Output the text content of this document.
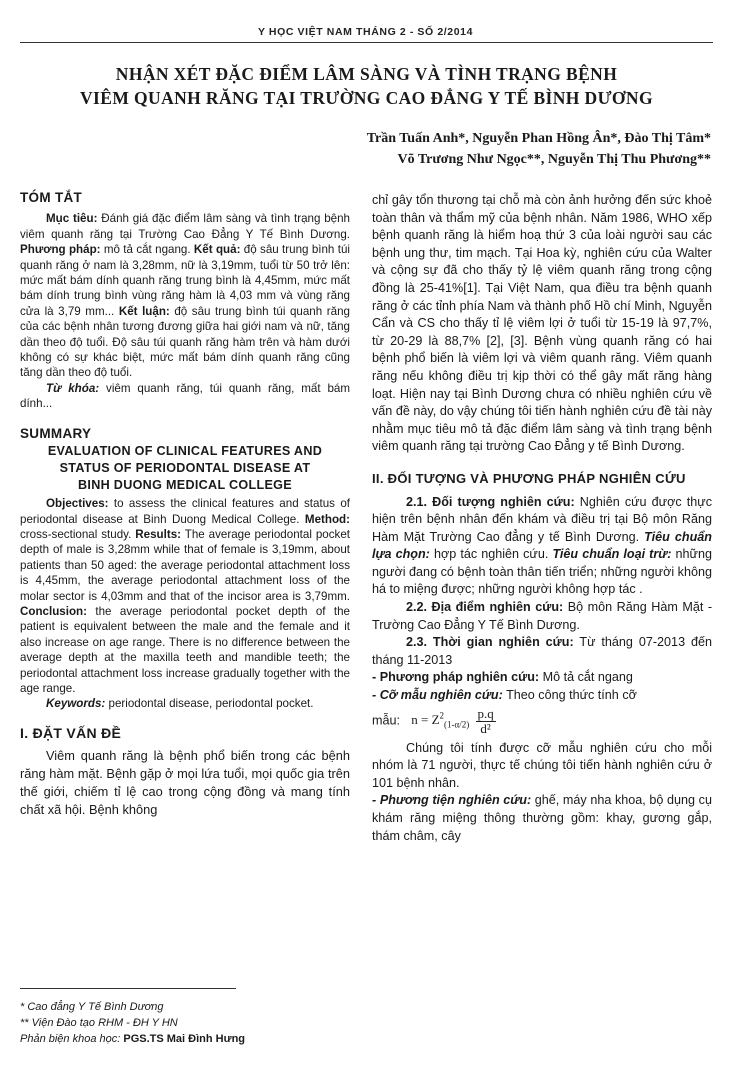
Y HỌC VIỆT NAM THÁNG 2 - SỐ 2/2014
NHẬN XÉT ĐẶC ĐIỂM LÂM SÀNG VÀ TÌNH TRẠNG BỆNH
VIÊM QUANH RĂNG TẠI TRƯỜNG CAO ĐẲNG Y TẾ BÌNH DƯƠNG
Trần Tuấn Anh*, Nguyễn Phan Hồng Ân*, Đào Thị Tâm*
Võ Trương Như Ngọc**, Nguyễn Thị Thu Phương**
TÓM TẮT

Mục tiêu: Đánh giá đặc điểm lâm sàng và tình trạng bệnh viêm quanh răng tại Trường Cao Đẳng Y Tế Bình Dương. Phương pháp: mô tả cắt ngang. Kết quả: độ sâu trung bình túi quanh răng ở nam là 3,28mm, nữ là 3,19mm, tuổi từ 50 trở lên: mức mất bám dính quanh răng trung bình là 4,45mm, mức mất bám dính trung bình vùng răng hàm là 4,03 mm và vùng răng cửa là 3,79 mm... Kết luận: độ sâu trung bình túi quanh răng của các bệnh nhân tương đương giữa hai giới nam và nữ, tăng dần theo độ tuổi. Độ sâu túi quanh răng hàm trên và hàm dưới không có sự khác biệt, mức mất bám dính quanh răng cũng tăng dần theo độ tuổi.

Từ khóa: viêm quanh răng, túi quanh răng, mất bám dính...

SUMMARY
EVALUATION OF CLINICAL FEATURES AND
STATUS OF PERIODONTAL DISEASE AT
BINH DUONG MEDICAL COLLEGE

Objectives: to assess the clinical features and status of periodontal disease at Binh Duong Medical College. Method: cross-sectional study. Results: The average periodontal pocket depth of male is 3,28mm while that of female is 3,19mm, about patients than 50 aged: the average periodontal attachment loss is 4,45mm, the average periodontal attachment loss of the molar sector is 4,03mm and that of the incisor area is 3,79mm. Conclusion: the average periodontal pocket depth of the patient is equivalent between the male and the female and it also increase on age range. There is no difference between the average depth at the maxilla teeth and mandible teeth; the periodontal attachment loss increase gradually together with the age range.

Keywords: periodontal disease, periodontal pocket.

I. ĐẶT VẤN ĐỀ

Viêm quanh răng là bệnh phổ biến trong các bệnh răng hàm mặt. Bệnh gặp ở mọi lứa tuổi, mọi quốc gia trên thế giới, chiếm tỉ lệ cao trong cộng đồng và mang tính chất xã hội. Bệnh không

chỉ gây tổn thương tại chỗ mà còn ảnh hưởng đến sức khoẻ toàn thân và thẩm mỹ của bệnh nhân. Năm 1986, WHO xếp bệnh quanh răng là hiểm hoạ thứ 3 của loài người sau các bệnh ung thư, tim mạch. Tại Hoa kỳ, nghiên cứu của Walter và cộng sự đã cho thấy tỷ lệ viêm quanh răng trong cộng đồng là 25-41%[1]. Tại Việt Nam, qua điều tra bệnh quanh răng ở các tỉnh phía Nam và thành phố Hồ chí Minh, Nguyễn Cẩn và CS cho thấy tỉ lệ viêm lợi ở tuổi từ 15-19 là 97,7%, từ 20-29 là 88,7% [2], [3]. Bệnh vùng quanh răng có hai bệnh phổ biến là viêm lợi và viêm quanh răng. Viêm quanh răng nếu không điều trị kịp thời có thể gây mất răng hàng loạt. Hiện nay tại Bình Dương chưa có nhiều nghiên cứu về vấn đề này, do vậy chúng tôi tiến hành nghiên cứu đề tài này nhằm mục tiêu mô tả đặc điểm lâm sàng và tình trạng bệnh viêm quanh răng tại trường Cao Đẳng y tế Bình Dương.

II. ĐỐI TƯỢNG VÀ PHƯƠNG PHÁP NGHIÊN CỨU

2.1. Đối tượng nghiên cứu: Nghiên cứu được thực hiện trên bệnh nhân đến khám và điều trị tại Bộ môn Răng Hàm Mặt Trường Cao đẳng y tế Bình Dương. Tiêu chuẩn lựa chọn: hợp tác nghiên cứu. Tiêu chuẩn loại trừ: những người đang có bệnh toàn thân tiến triển; những người không há to miệng được; những người không hợp tác .

2.2. Địa điểm nghiên cứu: Bộ môn Răng Hàm Mặt -Trường Cao Đẳng Y Tế Bình Dương.

2.3. Thời gian nghiên cứu: Từ tháng 07-2013 đến tháng 11-2013

- Phương pháp nghiên cứu: Mô tả cắt ngang

- Cỡ mẫu nghiên cứu: Theo công thức tính cỡ

mẫu: $n = Z^2_{(1-\alpha/2)} \frac{p.q}{\text{d²}}$

Chúng tôi tính được cỡ mẫu nghiên cứu cho mỗi nhóm là 71 người, thực tế chúng tôi tiến hành nghiên cứu ở 101 bệnh nhân.

- Phương tiện nghiên cứu: ghế, máy nha khoa, bộ dụng cụ khám răng miệng thông thường gồm: khay, gương gắp, thám châm, cây

* Cao đẳng Y Tế Bình Dương
** Viện Đào tạo RHM - ĐH Y HN
Phản biện khoa học: PGS.TS Mai Đình Hưng
